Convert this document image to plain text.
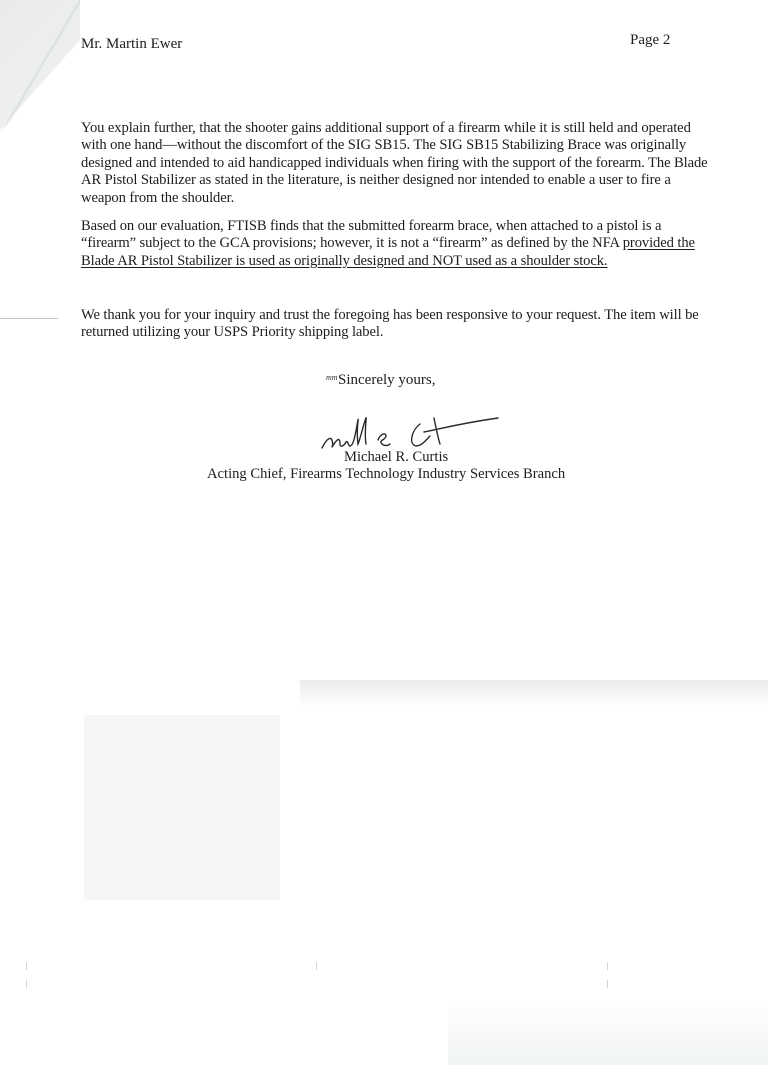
Mr. Martin Ewer	Page 2

You explain further, that the shooter gains additional support of a firearm while it is still held and operated with one hand—without the discomfort of the SIG SB15. The SIG SB15 Stabilizing Brace was originally designed and intended to aid handicapped individuals when firing with the support of the forearm. The Blade AR Pistol Stabilizer as stated in the literature, is neither designed nor intended to enable a user to fire a weapon from the shoulder.

Based on our evaluation, FTISB finds that the submitted forearm brace, when attached to a pistol is a “firearm” subject to the GCA provisions; however, it is not a “firearm” as defined by the NFA provided the Blade AR Pistol Stabilizer is used as originally designed and NOT used as a shoulder stock.

We thank you for your inquiry and trust the foregoing has been responsive to your request. The item will be returned utilizing your USPS Priority shipping label.

mm Sincerely yours,
Michael R. Curtis
Acting Chief, Firearms Technology Industry Services Branch
